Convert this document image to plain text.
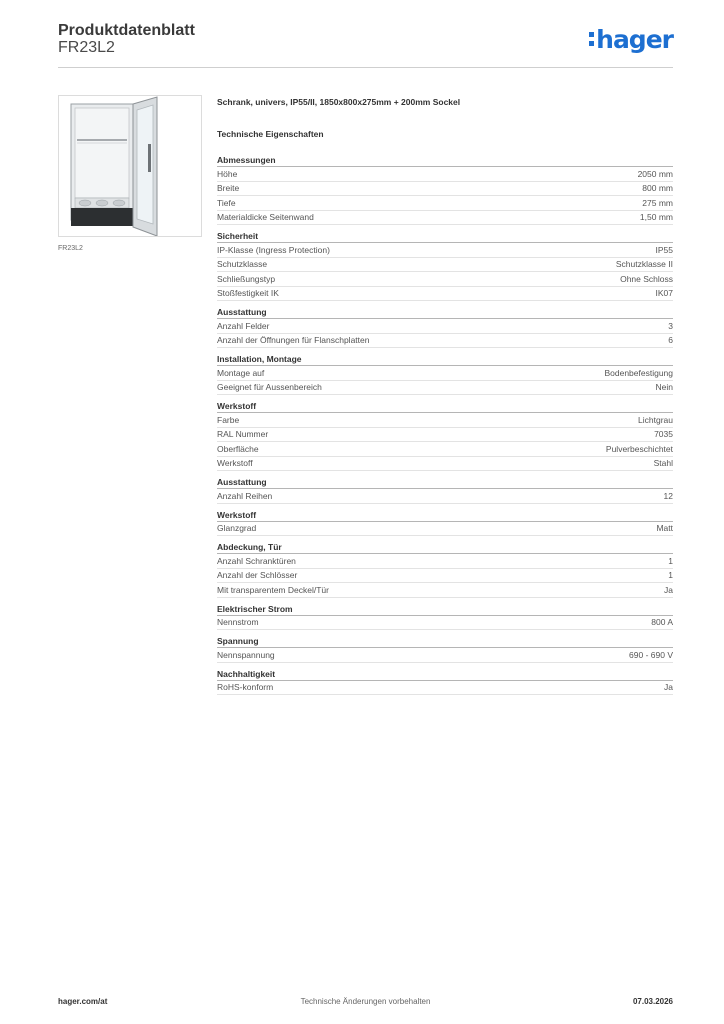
Produktdatenblatt
FR23L2	hager
FR23L2
Schrank, univers, IP55/II, 1850x800x275mm + 200mm Sockel
Technische Eigenschaften
Abmessungen
Höhe	2050 mm
Breite	800 mm
Tiefe	275 mm
Materialdicke Seitenwand	1,50 mm
Sicherheit
IP-Klasse (Ingress Protection)	IP55
Schutzklasse	Schutzklasse II
Schließungstyp	Ohne Schloss
Stoßfestigkeit IK	IK07
Ausstattung
Anzahl Felder	3
Anzahl der Öffnungen für Flanschplatten	6
Installation, Montage
Montage auf	Bodenbefestigung
Geeignet für Aussenbereich	Nein
Werkstoff
Farbe	Lichtgrau
RAL Nummer	7035
Oberfläche	Pulverbeschichtet
Werkstoff	Stahl
Ausstattung
Anzahl Reihen	12
Werkstoff
Glanzgrad	Matt
Abdeckung, Tür
Anzahl Schranktüren	1
Anzahl der Schlösser	1
Mit transparentem Deckel/Tür	Ja
Elektrischer Strom
Nennstrom	800 A
Spannung
Nennspannung	690 - 690 V
Nachhaltigkeit
RoHS-konform	Ja
hager.com/at	Technische Änderungen vorbehalten	07.03.2026
